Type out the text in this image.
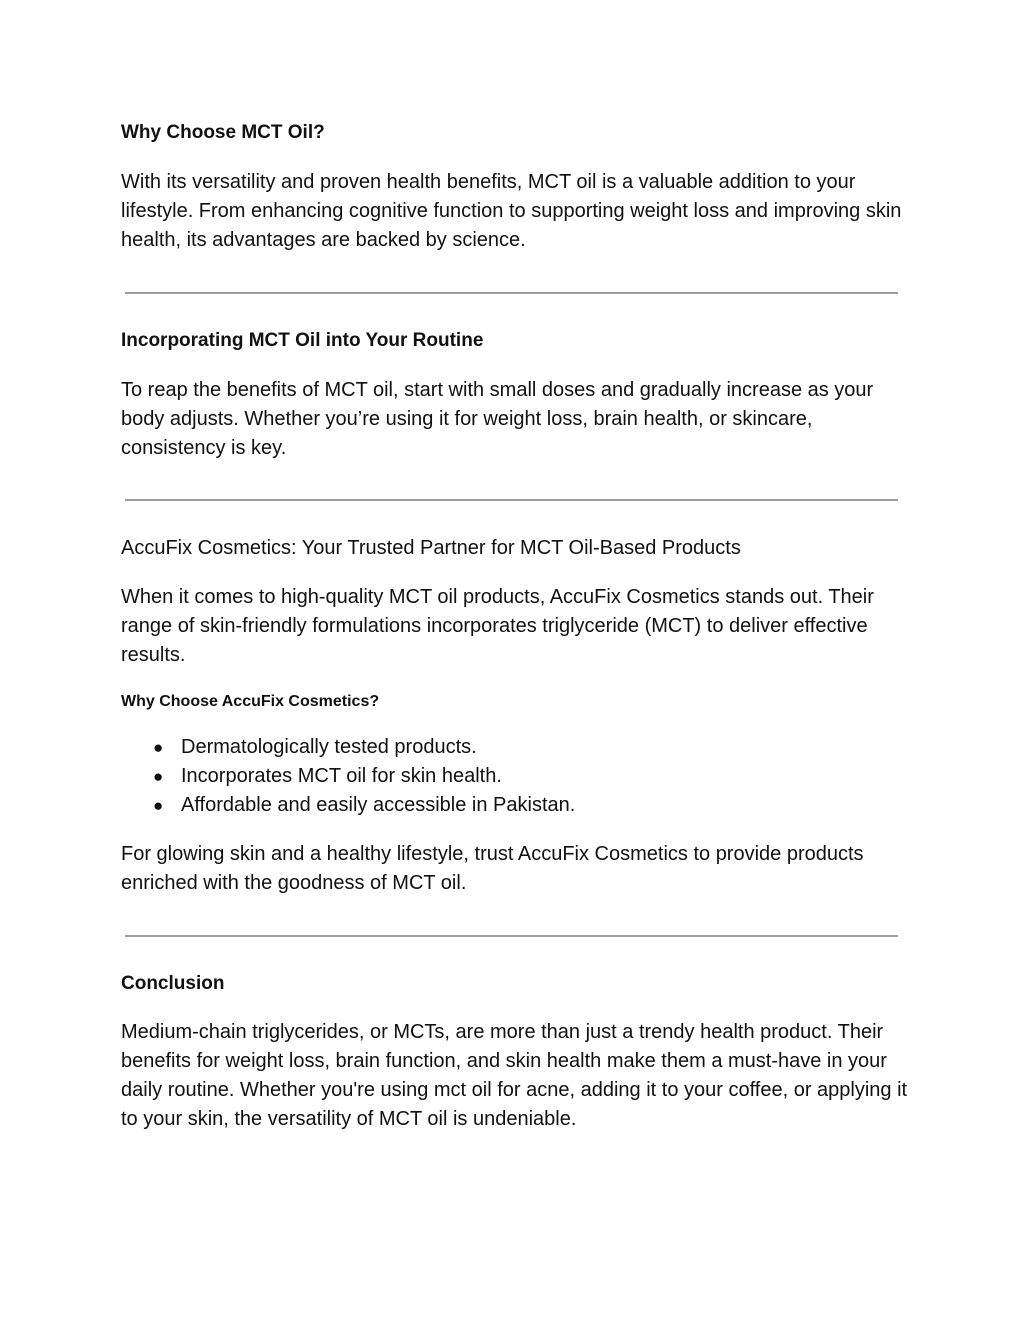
Why Choose MCT Oil?

With its versatility and proven health benefits, MCT oil is a valuable addition to your lifestyle. From enhancing cognitive function to supporting weight loss and improving skin health, its advantages are backed by science.

Incorporating MCT Oil into Your Routine

To reap the benefits of MCT oil, start with small doses and gradually increase as your body adjusts. Whether you’re using it for weight loss, brain health, or skincare, consistency is key.

AccuFix Cosmetics: Your Trusted Partner for MCT Oil-Based Products

When it comes to high-quality MCT oil products, AccuFix Cosmetics stands out. Their range of skin-friendly formulations incorporates triglyceride (MCT) to deliver effective results.

Why Choose AccuFix Cosmetics?
● Dermatologically tested products.
● Incorporates MCT oil for skin health.
● Affordable and easily accessible in Pakistan.

For glowing skin and a healthy lifestyle, trust AccuFix Cosmetics to provide products enriched with the goodness of MCT oil.

Conclusion

Medium-chain triglycerides, or MCTs, are more than just a trendy health product. Their benefits for weight loss, brain function, and skin health make them a must-have in your daily routine. Whether you're using mct oil for acne, adding it to your coffee, or applying it to your skin, the versatility of MCT oil is undeniable.
